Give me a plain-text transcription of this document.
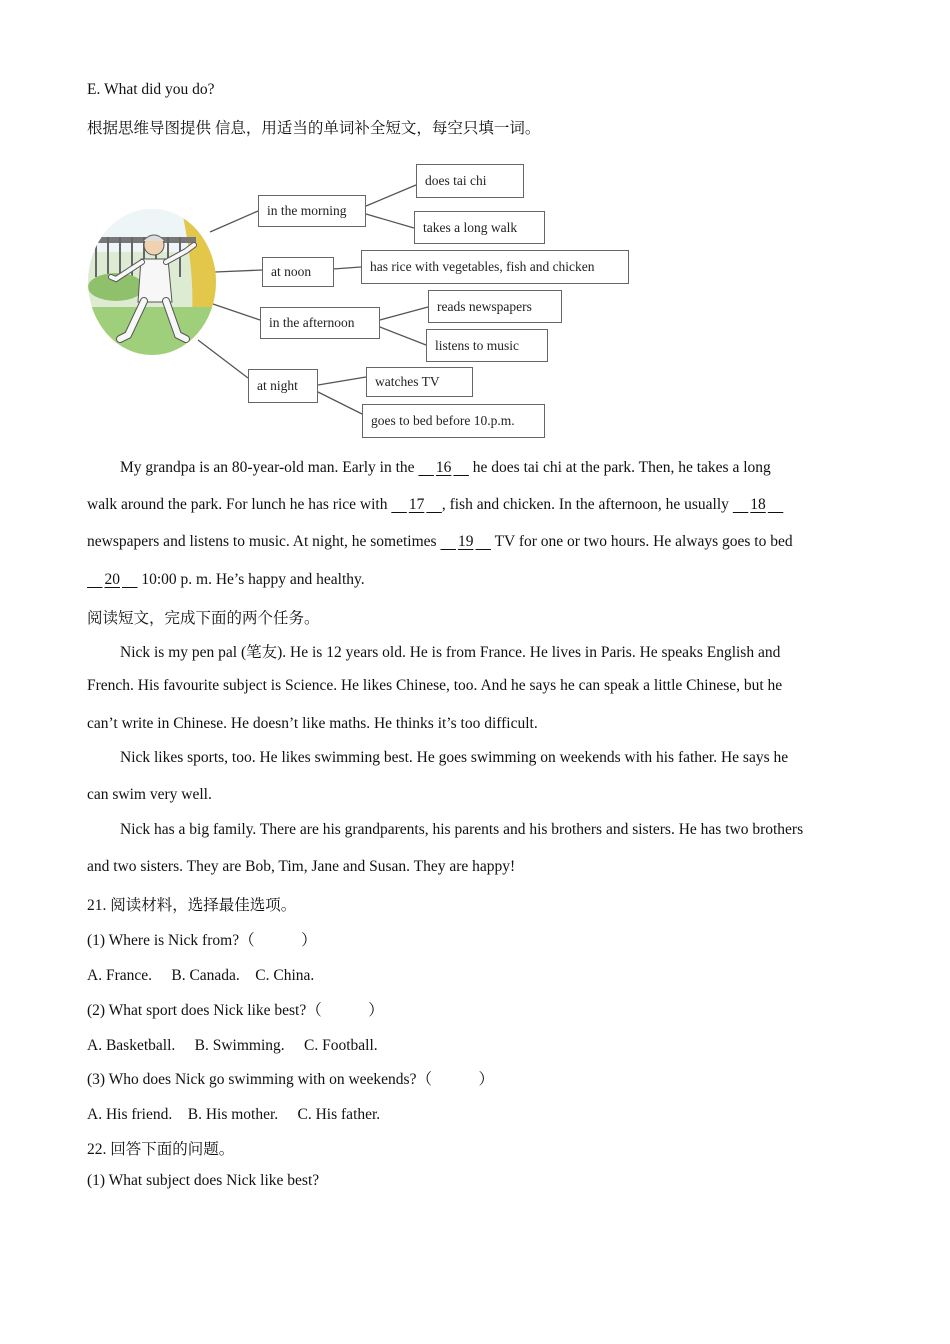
E. What did you do?
根据思维导图提供 信息，用适当的单词补全短文，每空只填一词。
in the morning
at noon
in the afternoon
at night
does tai chi
takes a long walk
has rice with vegetables, fish and chicken
reads newspapers
listens to music
watches TV
goes to bed before 10.p.m.
My grandpa is an 80-year-old man. Early in the 16 he does tai chi at the park. Then, he takes a long
walk around the park. For lunch he has rice with 17 , fish and chicken. In the afternoon, he usually 18
newspapers and listens to music. At night, he sometimes 19 TV for one or two hours. He always goes to bed
20 10:00 p. m. He’s happy and healthy.
阅读短文，完成下面的两个任务。
Nick is my pen pal (笔友). He is 12 years old. He is from France. He lives in Paris. He speaks English and
French. His favourite subject is Science. He likes Chinese, too. And he says he can speak a little Chinese, but he
can’t write in Chinese. He doesn’t like maths. He thinks it’s too difficult.
Nick likes sports, too. He likes swimming best. He goes swimming on weekends with his father. He says he
can swim very well.
Nick has a big family. There are his grandparents, his parents and his brothers and sisters. He has two brothers
and two sisters. They are Bob, Tim, Jane and Susan. They are happy!
21. 阅读材料，选择最佳选项。
(1) Where is Nick from?（　　　）
A. France.　 B. Canada.　C. China.
(2) What sport does Nick like best?（　　　）
A. Basketball.　 B. Swimming.　 C. Football.
(3) Who does Nick go swimming with on weekends?（　　　）
A. His friend.　B. His mother.　 C. His father.
22. 回答下面的问题。
(1) What subject does Nick like best?
